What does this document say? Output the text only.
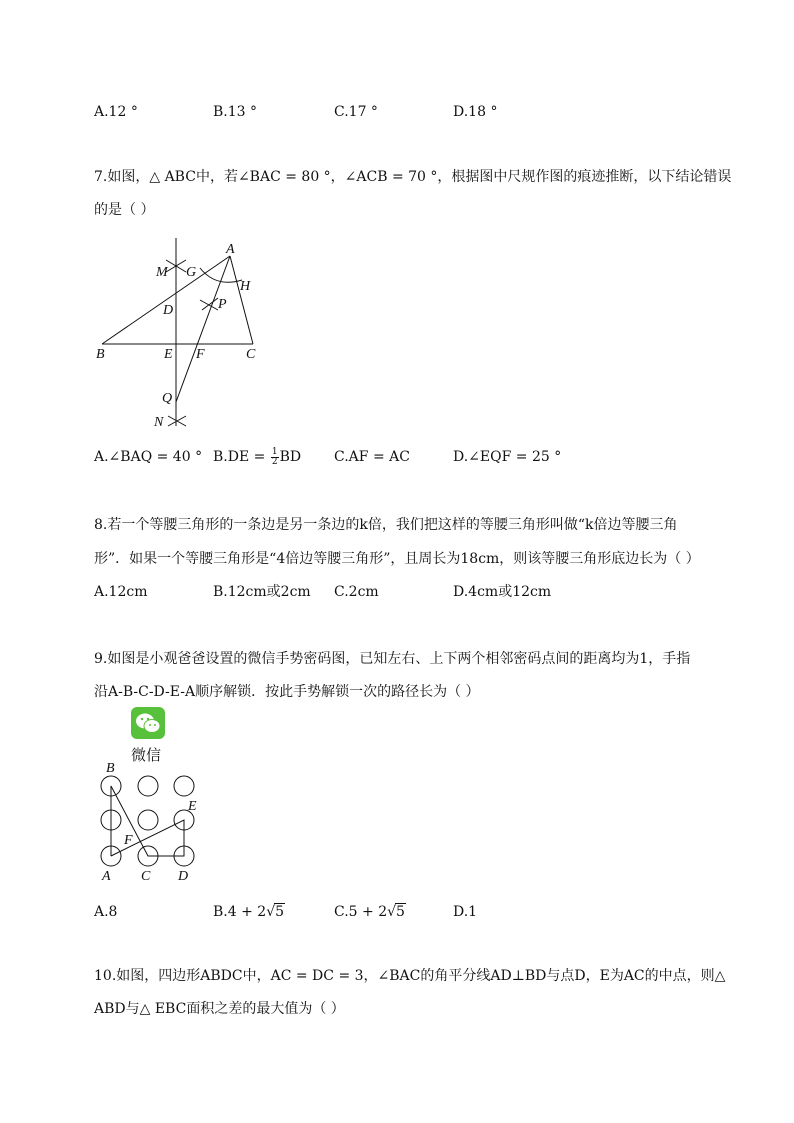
A.12 °	B.13 °	C.17 °	D.18 °
7.如图，△ ABC中，若∠BAC = 80 °，∠ACB = 70 °，根据图中尺规作图的痕迹推断，以下结论错误
的是（ ）
A
B	C
D
E F
G
H
M
N
P
Q
A.∠BAQ = 40 ° $B.DE = \frac{1}{2}$ BD C.AF = AC	D.∠EQF = 25 °
8.若一个等腰三角形的一条边是另一条边的k倍，我们把这样的等腰三角形叫做“k倍边等腰三角
形”．如果一个等腰三角形是“4倍边等腰三角形”，且周长为18cm，则该等腰三角形底边长为（ ）
A.12cm	B.12cm或2cm C.2cm	D.4cm或12cm
9.如图是小观爸爸设置的微信手势密码图，已知左右、上下两个相邻密码点间的距离均为1，手指
沿A-B-C-D-E-A顺序解锁．按此手势解锁一次的路径长为（ ）
微信
A
B
C D
E
F
A.8	B.4 + 2√5	C.5 + 2√5	D.1
10.如图，四边形ABDC中，AC = DC = 3，∠BAC的角平分线AD⊥BD与点D，E为AC的中点，则△
ABD与△ EBC面积之差的最大值为（ ）
